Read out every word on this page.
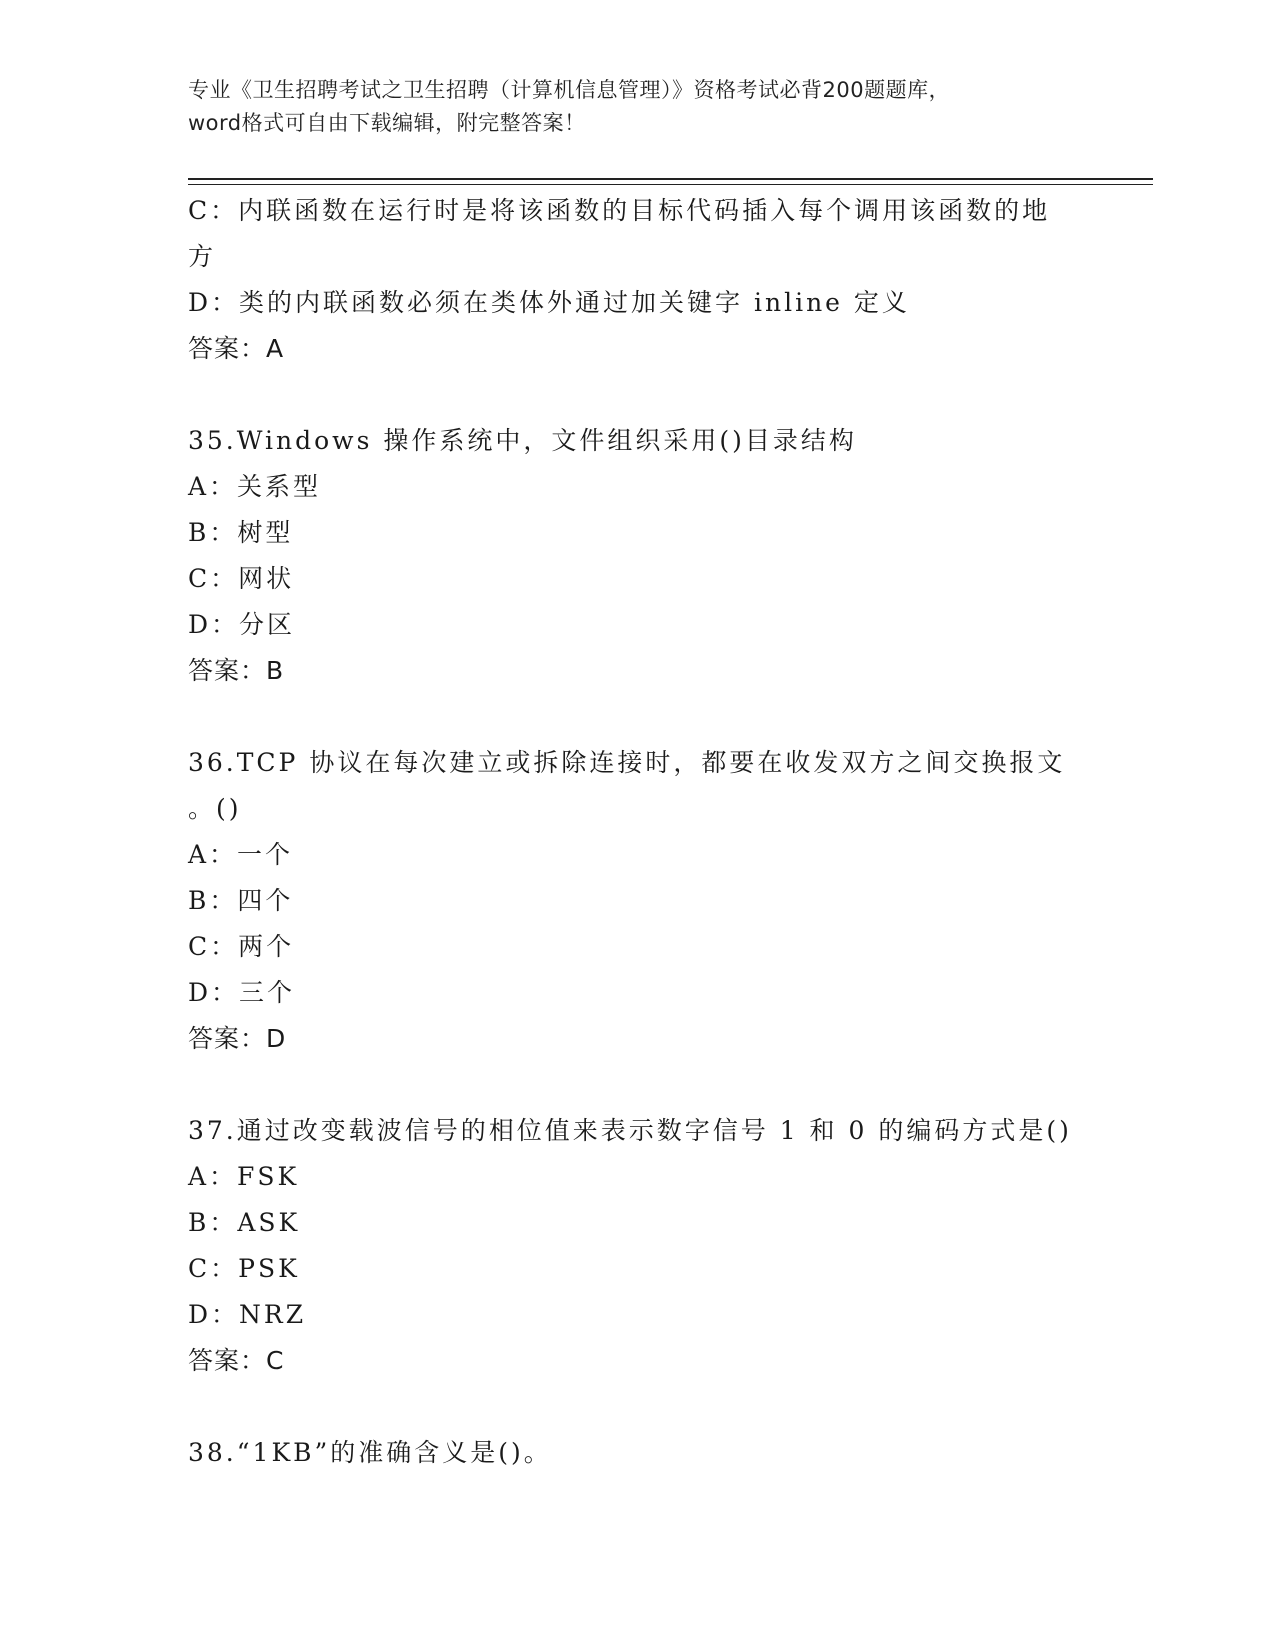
专业《卫生招聘考试之卫生招聘（计算机信息管理）》资格考试必背200题题库，
word格式可自由下载编辑，附完整答案！
C：内联函数在运行时是将该函数的目标代码插入每个调用该函数的地
方
D：类的内联函数必须在类体外通过加关键字 inline 定义
答案：A
35.Windows 操作系统中，文件组织采用()目录结构
A：关系型
B：树型
C：网状
D：分区
答案：B
36.TCP 协议在每次建立或拆除连接时，都要在收发双方之间交换报文
。()
A：一个
B：四个
C：两个
D：三个
答案：D
37.通过改变载波信号的相位值来表示数字信号 1 和 0 的编码方式是()
A：FSK
B：ASK
C：PSK
D：NRZ
答案：C
38.“1KB”的准确含义是()。
